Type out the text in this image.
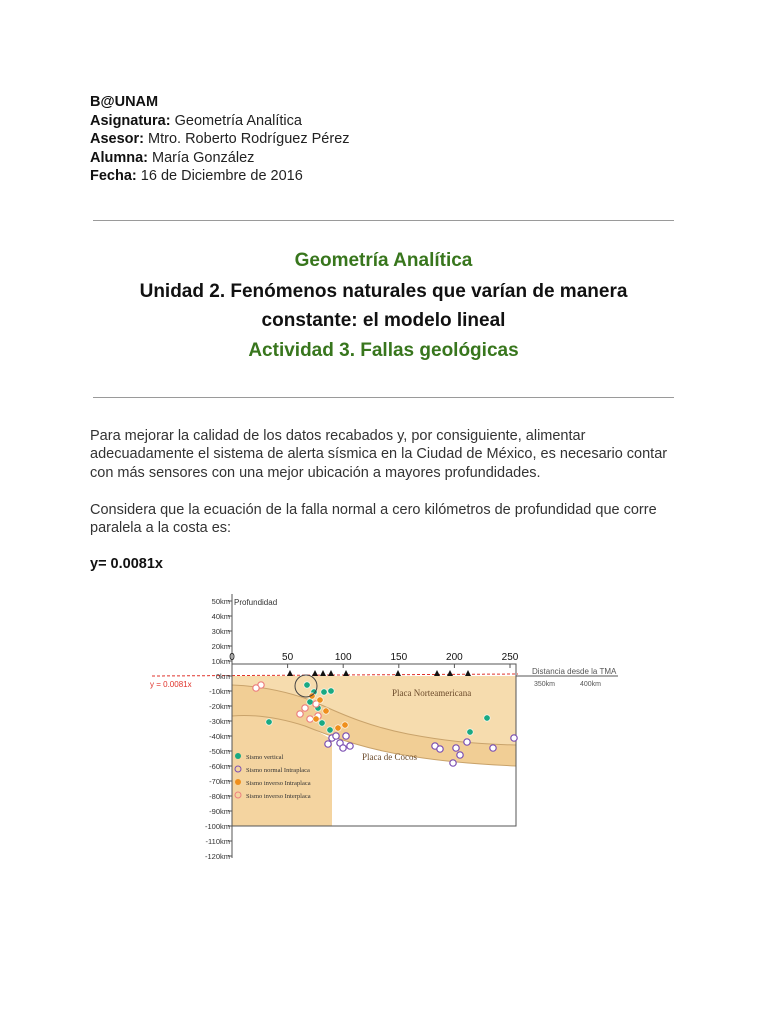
B@UNAM
Asignatura: Geometría Analítica
Asesor: Mtro. Roberto Rodríguez Pérez
Alumna: María González
Fecha: 16 de Diciembre de 2016
Geometría Analítica
Unidad 2. Fenómenos naturales que varían de manera
constante: el modelo lineal
Actividad 3. Fallas geológicas
Para mejorar la calidad de los datos recabados y, por consiguiente, alimentar adecuadamente el sistema de alerta sísmica en la Ciudad de México, es necesario contar con más sensores con una mejor ubicación a mayores profundidades.
Considera que la ecuación de la falla normal a cero kilómetros de profundidad que corre paralela a la costa es:
y= 0.0081x
y = 0.0081x
Distancia desde la TMA
350km	400km
Profundidad
50km
40km
30km
20km
10km
0km
-10km
-20km
-30km
-40km
-50km
-60km
-70km
-80km
-90km
-100km
-110km
-120km
0	50	100	150	200	250
Placa Norteamericana
Placa de Cocos
Sismo vertical
Sismo normal Intraplaca
Sismo inverso Intraplaca
Sismo inverso Interplaca
